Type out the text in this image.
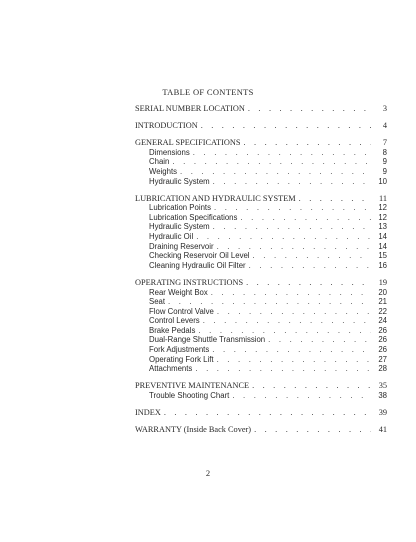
TABLE OF CONTENTS
SERIAL NUMBER LOCATION . . .	3
INTRODUCTION . . .	4
GENERAL SPECIFICATIONS . . .	7
Dimensions . . .	8
Chain . . .	9
Weights . . .	9
Hydraulic System . . .	10
LUBRICATION AND HYDRAULIC SYSTEM . . .	11
Lubrication Points . . .	12
Lubrication Specifications . . .	12
Hydraulic System . . .	13
Hydraulic Oil . . .	14
Draining Reservoir . . .	14
Checking Reservoir Oil Level . . .	15
Cleaning Hydraulic Oil Filter . . .	16
OPERATING INSTRUCTIONS . . .	19
Rear Weight Box . . .	20
Seat . . .	21
Flow Control Valve . . .	22
Control Levers . . .	24
Brake Pedals . . .	26
Dual-Range Shuttle Transmission . . .	26
Fork Adjustments . . .	26
Operating Fork Lift . . .	27
Attachments . . .	28
PREVENTIVE MAINTENANCE . . .	35
Trouble Shooting Chart . . .	38
INDEX . . .	39
WARRANTY (Inside Back Cover) . . .	41
2
